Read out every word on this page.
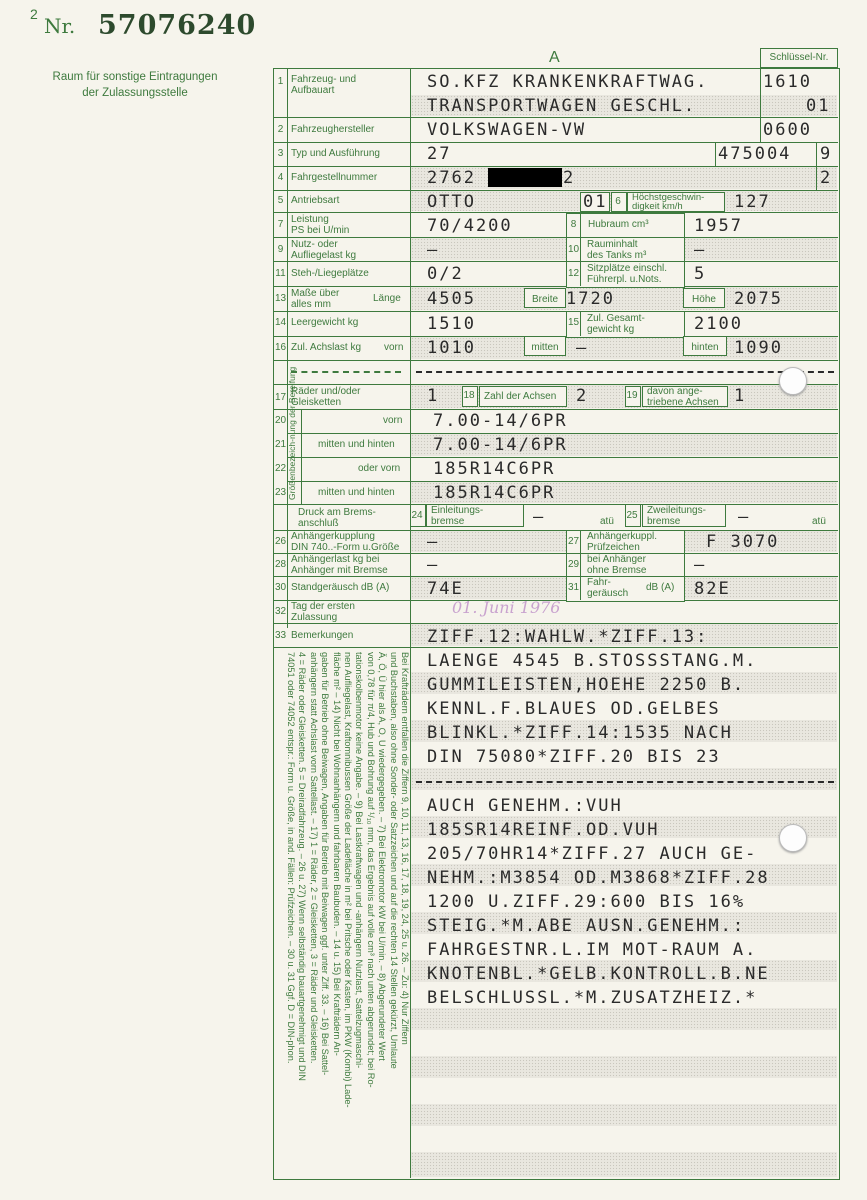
2 Nr. 57076240
Raum für sonstige Eintragungen
der Zulassungsstelle
A	Schlüssel-Nr.
1 Fahrzeug- und
Aufbauart	SO.KFZ KRANKENKRAFTWAG.
TRANSPORTWAGEN GESCHL.
1610
01
2 Fahrzeughersteller	VOLKSWAGEN-VW	0600
3 Typ und Ausführung	27	475004 9
4 Fahrgestellnummer	2762	2	2
5 Antriebsart	OTTO	01 6	Höchstgeschwin-
digkeit km/h	127
7 Leistung
PS bei U/min	70/4200	8	Hubraum cm³	1957
9 Nutz- oder
Aufliegelast kg	–	10 Rauminhalt
des Tanks m³	–
11 Steh-/Liegeplätze	0/2	12 Sitzplätze einschl.
Führerpl. u.Nots.	5
13 Maße über
alles mm
Länge 4505	Breite 1720	Höhe	2075
14 Leergewicht kg	1510	15 Zul. Gesamt-
gewicht kg	2100
16 Zul. Achslast kg vorn 1010	mitten	–	hinten 1090
17
Räder und/oder
Gleisketten	1 18 Zahl der Achsen 2	19 davon ange-
triebene Achsen 1
Größenbezeich-nung der Bereifung
20	vorn 7.00-14/6PR
21	mitten und hinten 7.00-14/6PR
22	oder vorn 185R14C6PR
23	mitten und hinten 185R14C6PR
Druck am Brems-
anschluß
24 Einleitungs-
bremse	–	atü
25 Zweileitungs-
bremse	–	atü
26 Anhängerkupplung
DIN 740..-Form u.Größe –	27 Anhängerkuppl.
Prüfzeichen	F 3070
28 Anhängerlast kg bei
Anhänger mit Bremse –	29 bei Anhänger
ohne Bremse	–
30 Standgeräusch dB (A) 74E	31 Fahr-
geräusch
dB (A) 82E
32 Tag der ersten
Zulassung
01. Juni 1976
33 Bemerkungen	ZIFF.12:WAHLW.*ZIFF.13:
LAENGE 4545 B.STOSSSTANG.M.
GUMMILEISTEN,HOEHE 2250 B.
KENNL.F.BLAUES OD.GELBES
BLINKL.*ZIFF.14:1535 NACH
DIN 75080*ZIFF.20 BIS 23
AUCH GENEHM.:VUH
185SR14REINF.OD.VUH
205/70HR14*ZIFF.27 AUCH GE-
NEHM.:M3854 OD.M3868*ZIFF.28
1200 U.ZIFF.29:600 BIS 16%
STEIG.*M.ABE AUSN.GENEHM.:
FAHRGESTNR.L.IM MOT-RAUM A.
KNOTENBL.*GELB.KONTROLL.B.NE
BELSCHLUSSL.*M.ZUSATZHEIZ.*
Bei Krafträdern entfallen die Ziffern 9, 10, 11, 13, 16, 17, 18, 19, 24, 25 u. 26. – Zu: 4) Nur Ziffern
und Buchstaben, also ohne Sonder- oder Satzzeichen und auf die rechten 14 Stellen gekürzt, Umlaute
Ä, Ö, Ü hier als A, O, U wiedergegeben. – 7) Bei Elektromotor kW bei U/min. – 8) Abgerundeter Wert
von 0,78 für π/4, Hub und Bohrung auf ¹/₁₀ mm, das Ergebnis auf volle cm³ nach unten abgerundet; bei Ro-
tationskolbenmotor keine Angabe. – 9) Bei Lastkraftwagen und -anhängern Nutzlast, Sattelzugmaschi-
nen Aufliegelast, Kraftomnibussen Größe der Ladefläche in m² bei Pritsche oder Kasten, im PKW (Kombi) Lade-
fläche m² – 14) Nicht bei Wohnanhängern und fahrbaren Baubuden. – 14 u. 15) Bei Krafträdern An-
gaben für Betrieb ohne Beiwagen, Angaben für Betrieb mit Beiwagen ggf. unter Ziff. 33. – 16) Bei Sattel-
anhängern statt Achslast vorn Sattellast. – 17) 1 = Räder, 2 = Gleisketten, 3 = Räder und Gleisketten.
4 = Räder oder Gleisketten. 5 = Dreiradfahrzeug. – 26 u. 27) Wenn selbständig bauartgenehmigt und DIN
74051 oder 74052 entspr.: Form u. Größe, in and. Fällen: Prüfzeichen. – 30 u. 31 Ggf. D = DIN-phon.
